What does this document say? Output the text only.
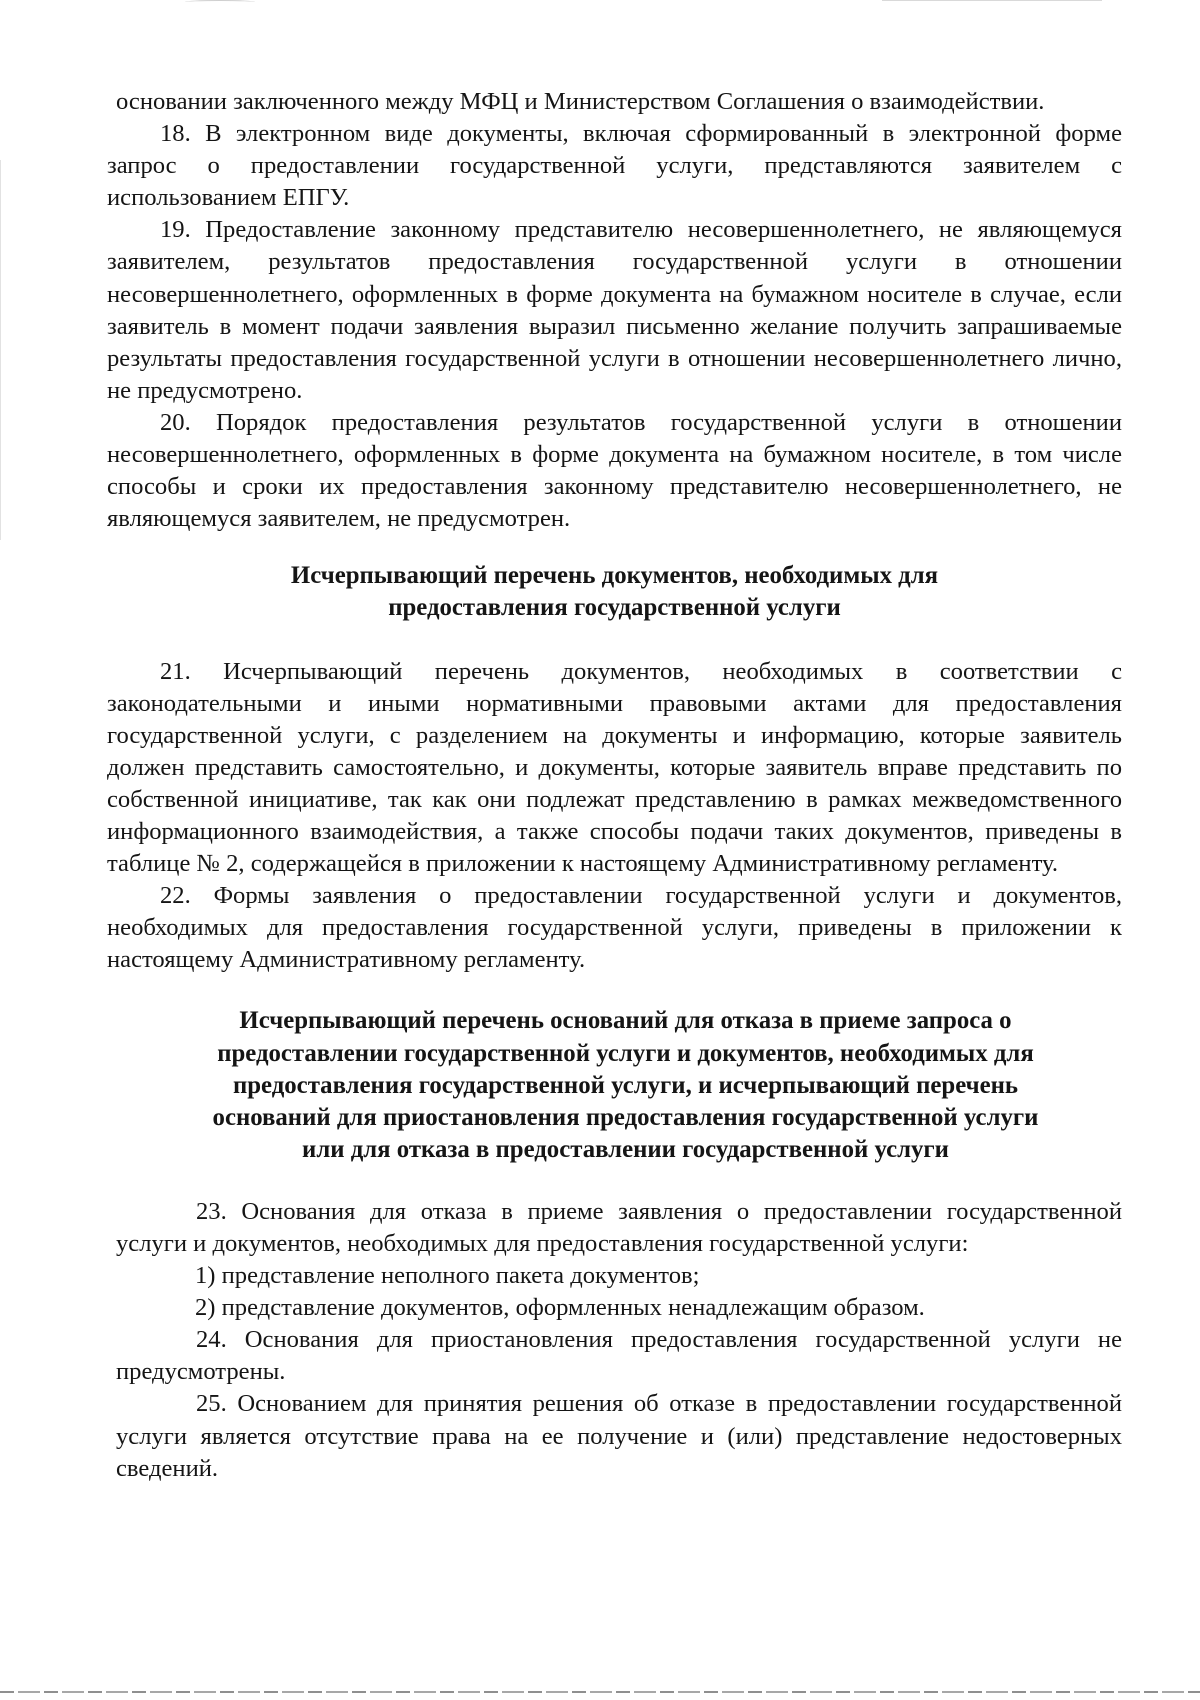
основании заключенного между МФЦ и Министерством Соглашения о взаимодействии.

18. В электронном виде документы, включая сформированный в электронной форме запрос о предоставлении государственной услуги, представляются заявителем с использованием ЕПГУ.

19. Предоставление законному представителю несовершеннолетнего, не являющемуся заявителем, результатов предоставления государственной услуги в отношении несовершеннолетнего, оформленных в форме документа на бумажном носителе в случае, если заявитель в момент подачи заявления выразил письменно желание получить запрашиваемые результаты предоставления государственной услуги в отношении несовершеннолетнего лично, не предусмотрено.

20. Порядок предоставления результатов государственной услуги в отношении несовершеннолетнего, оформленных в форме документа на бумажном носителе, в том числе способы и сроки их предоставления законному представителю несовершеннолетнего, не являющемуся заявителем, не предусмотрен.

Исчерпывающий перечень документов, необходимых для
предоставления государственной услуги

21. Исчерпывающий перечень документов, необходимых в соответствии с законодательными и иными нормативными правовыми актами для предоставления государственной услуги, с разделением на документы и информацию, которые заявитель должен представить самостоятельно, и документы, которые заявитель вправе представить по собственной инициативе, так как они подлежат представлению в рамках межведомственного информационного взаимодействия, а также способы подачи таких документов, приведены в таблице № 2, содержащейся в приложении к настоящему Административному регламенту.

22. Формы заявления о предоставлении государственной услуги и документов, необходимых для предоставления государственной услуги, приведены в приложении к настоящему Административному регламенту.

Исчерпывающий перечень оснований для отказа в приеме запроса о
предоставлении государственной услуги и документов, необходимых для
предоставления государственной услуги, и исчерпывающий перечень
оснований для приостановления предоставления государственной услуги
или для отказа в предоставлении государственной услуги

23. Основания для отказа в приеме заявления о предоставлении государственной услуги и документов, необходимых для предоставления государственной услуги:

1) представление неполного пакета документов;

2) представление документов, оформленных ненадлежащим образом.

24. Основания для приостановления предоставления государственной услуги не предусмотрены.

25. Основанием для принятия решения об отказе в предоставлении государственной услуги является отсутствие права на ее получение и (или) представление недостоверных сведений.
